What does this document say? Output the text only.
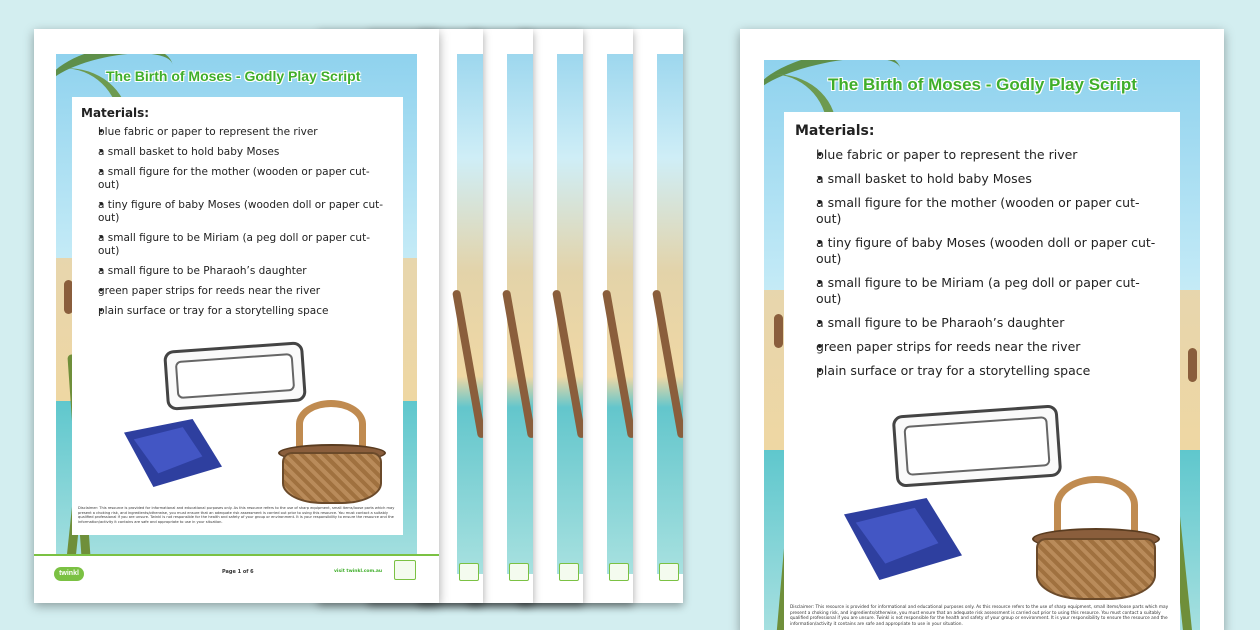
The Birth of Moses - Godly Play Script
Materials:
• blue fabric or paper to represent the river
• a small basket to hold baby Moses
• a small figure for the mother (wooden or paper cut-out)
• a tiny figure of baby Moses (wooden doll or paper cut-out)
• a small figure to be Miriam (a peg doll or paper cut-out)
• a small figure to be Pharaoh’s daughter
• green paper strips for reeds near the river
• plain surface or tray for a storytelling space
Disclaimer: This resource is provided for informational and educational purposes only. As this resource refers to the use of sharp equipment, small items/loose parts which may present a choking risk, and ingredients/otherwise, you must ensure that an adequate risk assessment is carried out prior to using this resource. You must contact a suitably qualified professional if you are unsure. Twinkl is not responsible for the health and safety of your group or environment. It is your responsibility to ensure the resource and the information/activity it contains are safe and appropriate to use in your situation.
twinkl	Page 1 of 6	visit twinkl.com.au
The Birth of Moses - Godly Play Script
Materials:
• blue fabric or paper to represent the river
• a small basket to hold baby Moses
• a small figure for the mother (wooden or paper cut-out)
• a tiny figure of baby Moses (wooden doll or paper cut-out)
• a small figure to be Miriam (a peg doll or paper cut-out)
• a small figure to be Pharaoh’s daughter
• green paper strips for reeds near the river
• plain surface or tray for a storytelling space
Disclaimer: This resource is provided for informational and educational purposes only. As this resource refers to the use of sharp equipment, small items/loose parts which may present a choking risk, and ingredients/otherwise, you must ensure that an adequate risk assessment is carried out prior to using this resource. You must contact a suitably qualified professional if you are unsure. Twinkl is not responsible for the health and safety of your group or environment. It is your responsibility to ensure the resource and the information/activity it contains are safe and appropriate to use in your situation.
